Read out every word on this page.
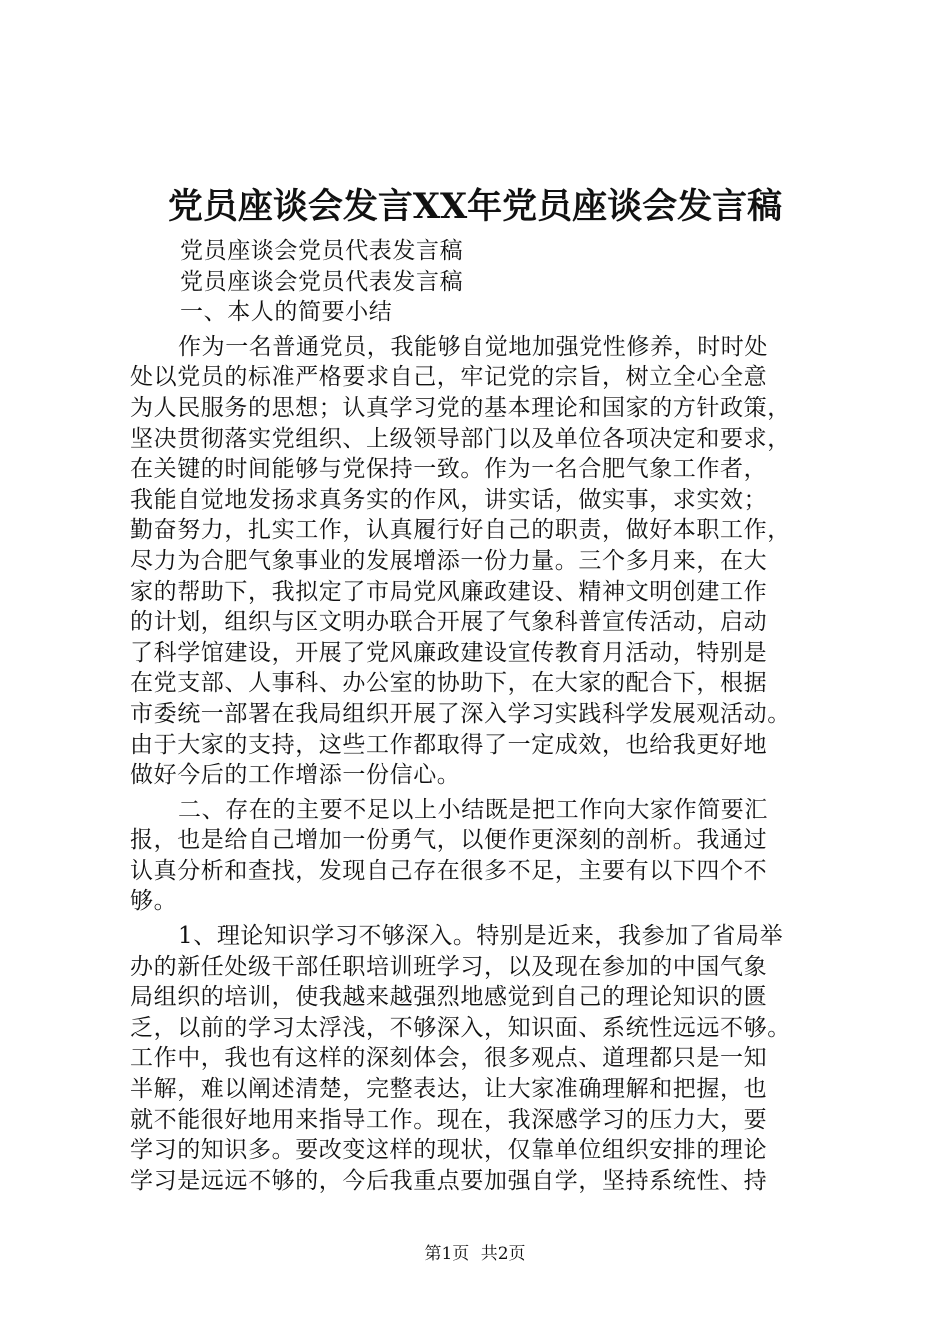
党员座谈会发言XX年党员座谈会发言稿
党员座谈会党员代表发言稿
党员座谈会党员代表发言稿
一、本人的简要小结
作为一名普通党员，我能够自觉地加强党性修养，时时处
处以党员的标准严格要求自己，牢记党的宗旨，树立全心全意
为人民服务的思想；认真学习党的基本理论和国家的方针政策，
坚决贯彻落实党组织、上级领导部门以及单位各项决定和要求，
在关键的时间能够与党保持一致。作为一名合肥气象工作者，
我能自觉地发扬求真务实的作风，讲实话，做实事，求实效；
勤奋努力，扎实工作，认真履行好自己的职责，做好本职工作，
尽力为合肥气象事业的发展增添一份力量。三个多月来，在大
家的帮助下，我拟定了市局党风廉政建设、精神文明创建工作
的计划，组织与区文明办联合开展了气象科普宣传活动，启动
了科学馆建设，开展了党风廉政建设宣传教育月活动，特别是
在党支部、人事科、办公室的协助下，在大家的配合下，根据
市委统一部署在我局组织开展了深入学习实践科学发展观活动。
由于大家的支持，这些工作都取得了一定成效，也给我更好地
做好今后的工作增添一份信心。
二、存在的主要不足以上小结既是把工作向大家作简要汇
报，也是给自己增加一份勇气，以便作更深刻的剖析。我通过
认真分析和查找，发现自己存在很多不足，主要有以下四个不
够。
1、理论知识学习不够深入。特别是近来，我参加了省局举
办的新任处级干部任职培训班学习，以及现在参加的中国气象
局组织的培训，使我越来越强烈地感觉到自己的理论知识的匮
乏，以前的学习太浮浅，不够深入，知识面、系统性远远不够。
工作中，我也有这样的深刻体会，很多观点、道理都只是一知
半解，难以阐述清楚，完整表达，让大家准确理解和把握，也
就不能很好地用来指导工作。现在，我深感学习的压力大，要
学习的知识多。要改变这样的现状，仅靠单位组织安排的理论
学习是远远不够的，今后我重点要加强自学，坚持系统性、持
第1页 共2页
